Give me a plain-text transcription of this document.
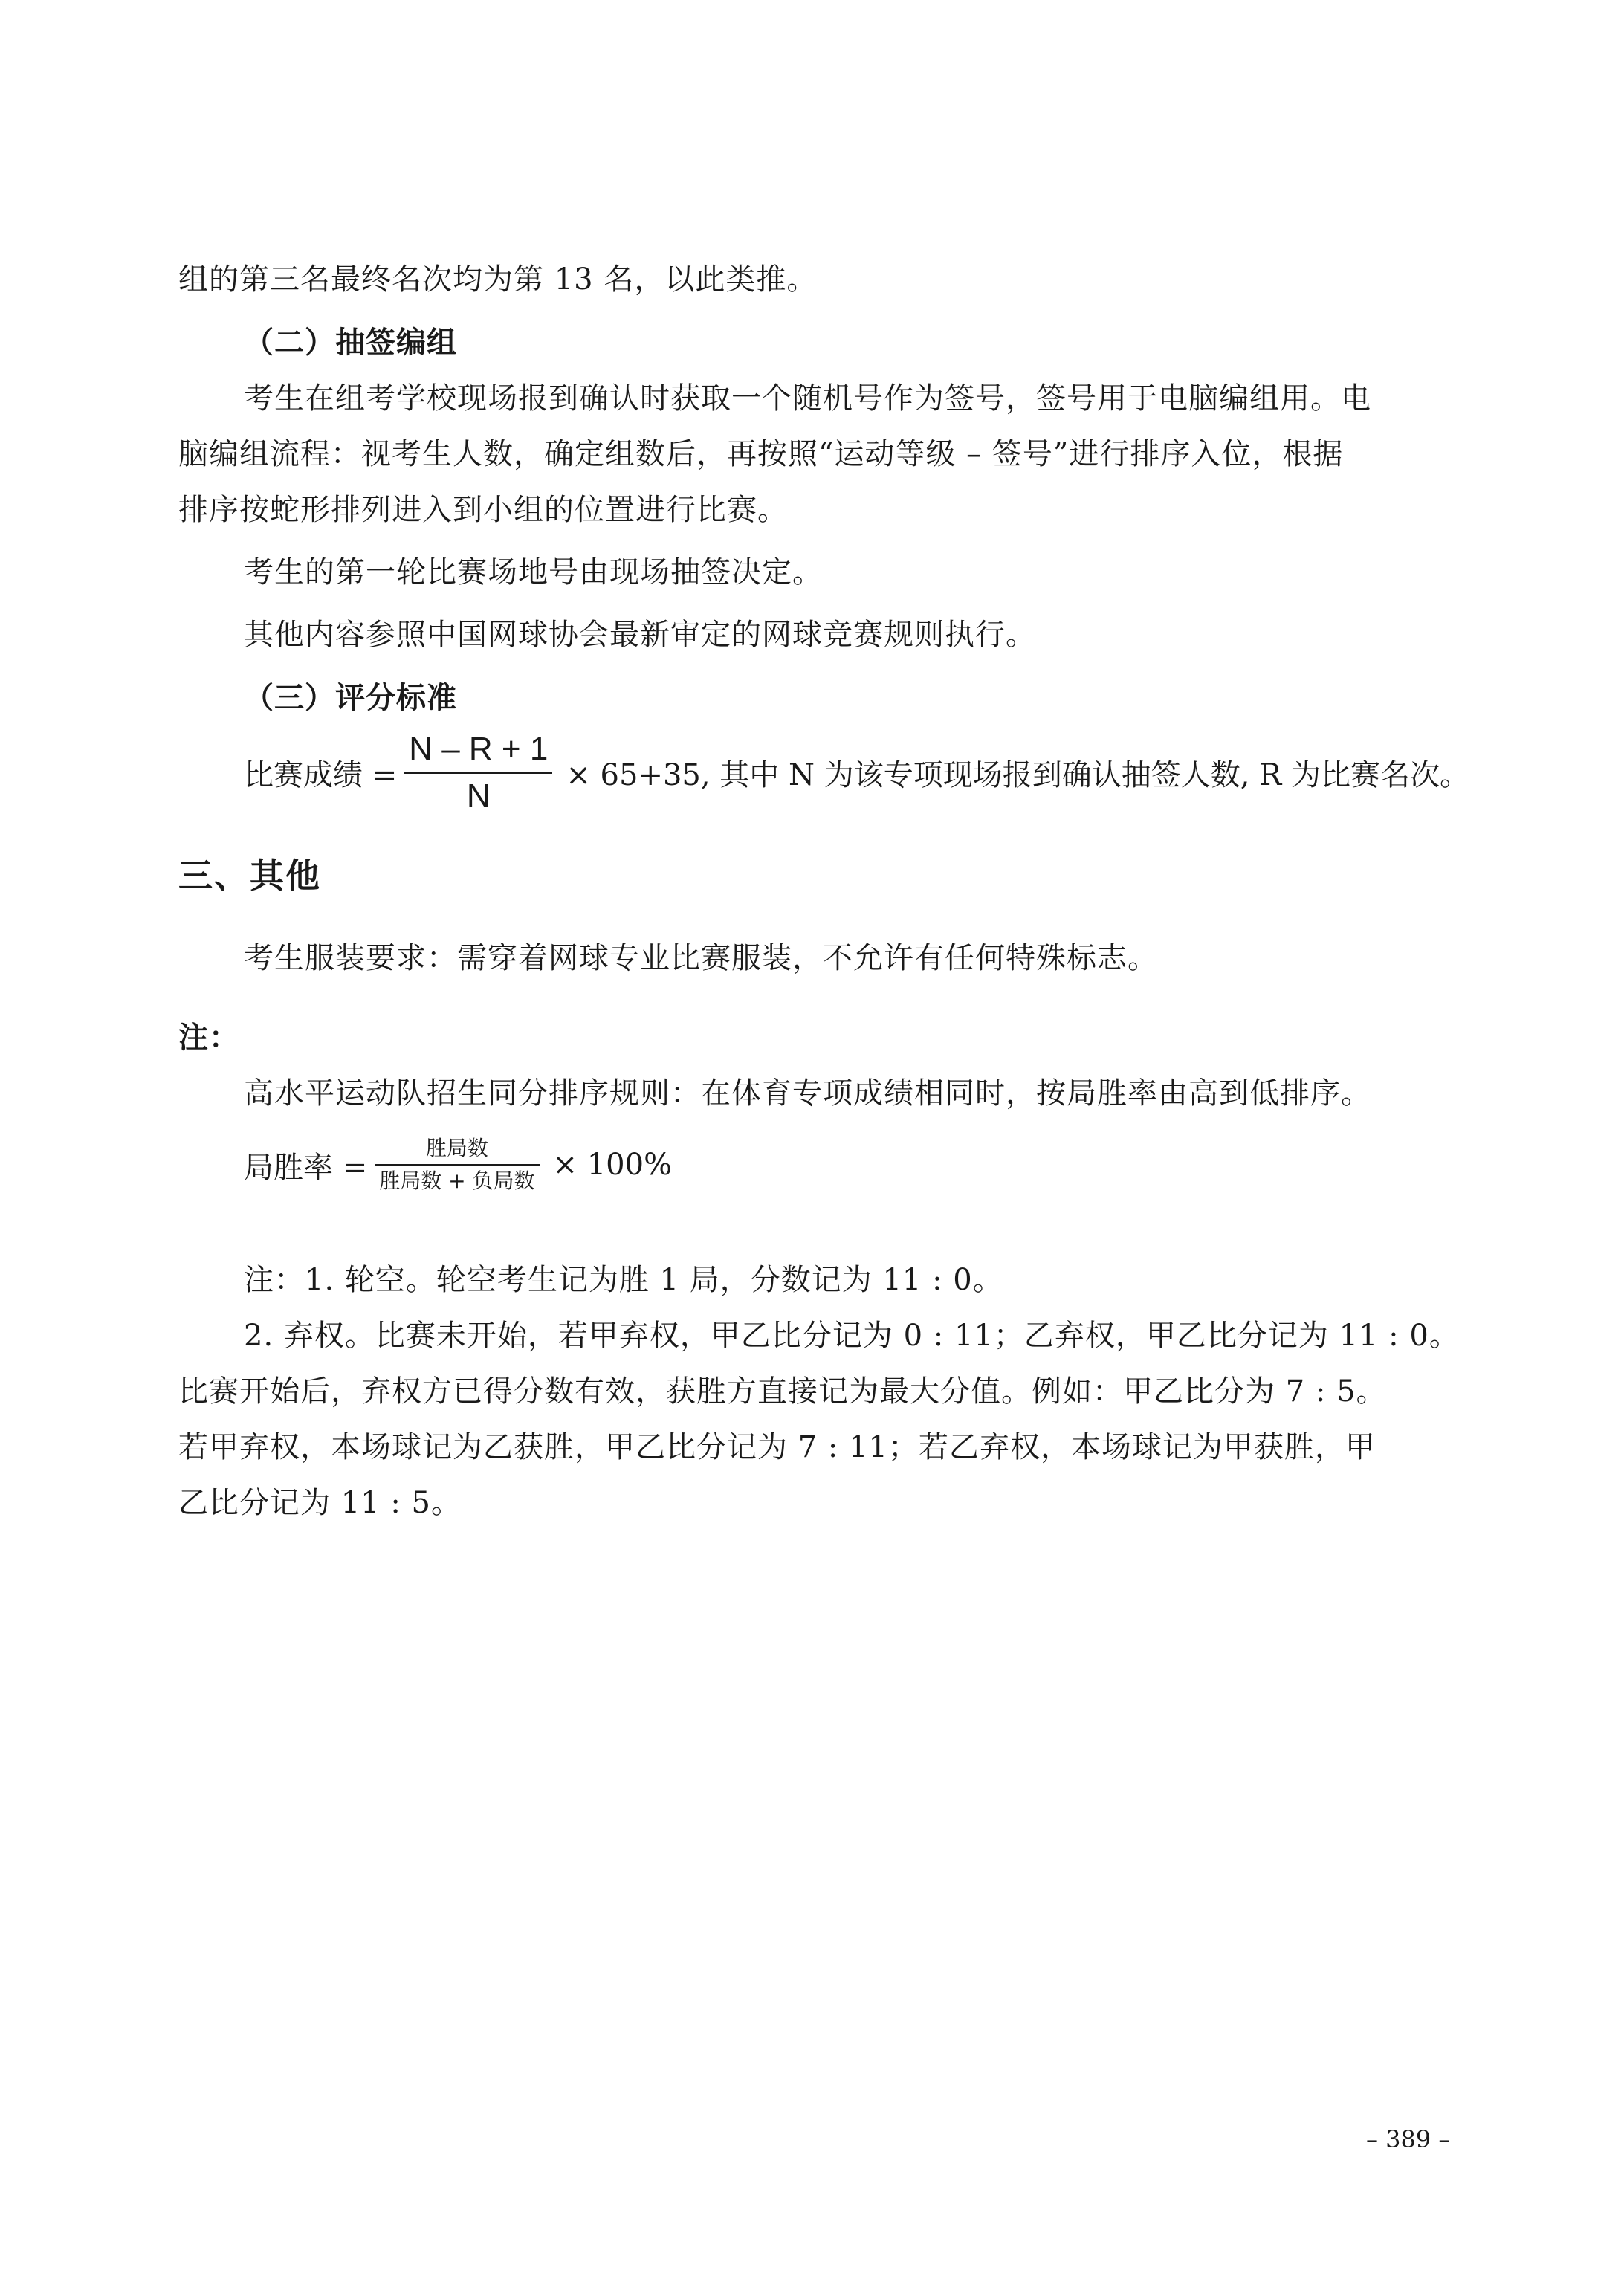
组的第三名最终名次均为第 13 名，以此类推。
（二）抽签编组
考生在组考学校现场报到确认时获取一个随机号作为签号，签号用于电脑编组用。电
脑编组流程：视考生人数，确定组数后，再按照“运动等级 – 签号”进行排序入位，根据
排序按蛇形排列进入到小组的位置进行比赛。
考生的第一轮比赛场地号由现场抽签决定。
其他内容参照中国网球协会最新审定的网球竞赛规则执行。
（三）评分标准
比赛成绩 = $\frac{N - R + 1}{N} \times 65+35$, 其中 N 为该专项现场报到确认抽签人数, R 为比赛名次。
三、其他
考生服装要求：需穿着网球专业比赛服装，不允许有任何特殊标志。
注：
高水平运动队招生同分排序规则：在体育专项成绩相同时，按局胜率由高到低排序。
局胜率 = $\frac{\text{胜局数}}{\text{胜局数 + 负局数}} \times 100\%$
注：1. 轮空。轮空考生记为胜 1 局，分数记为 11 : 0。
2. 弃权。比赛未开始，若甲弃权，甲乙比分记为 0 : 11；乙弃权，甲乙比分记为 11 : 0。
比赛开始后，弃权方已得分数有效，获胜方直接记为最大分值。例如：甲乙比分为 7 : 5。
若甲弃权，本场球记为乙获胜，甲乙比分记为 7 : 11；若乙弃权，本场球记为甲获胜，甲
乙比分记为 11 : 5。
– 389 –
